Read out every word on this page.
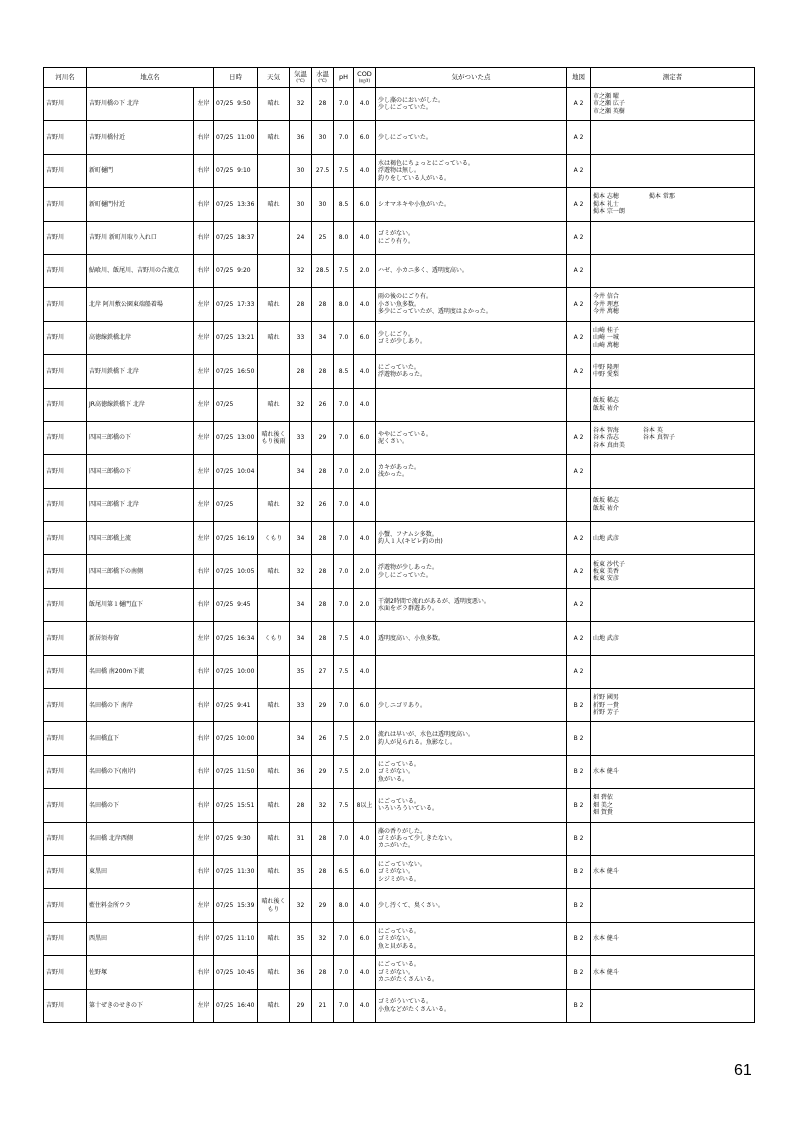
河川名	地点名		日時	天気	気温
(℃)	水温
(℃)	pH	COD
(㎎/ℓ)	気がついた点	地図	測定者
吉野川	吉野川橋の下 北岸	左岸	07/25 9:50	晴れ	32	28	7.0	4.0	少し藻のにおいがした。
少しにごっていた。	A 2	市之瀬 曜
市之瀬 広子
市之瀬 英樹

吉野川	吉野川橋付近	右岸	07/25 11:00	晴れ	36	30	7.0	6.0	少しにごっていた。	A 2	
吉野川	新町樋門	右岸	07/25 9:10		30	27.5	7.5	4.0	水は褐色にちょっとにごっている。
浮遊物は無し。
釣りをしている人がいる。	A 2	
吉野川	新町樋門付近	右岸	07/25 13:36	晴れ	30	30	8.5	6.0	シオマネキや小魚がいた。	A 2	掲本 志穂　　　　　掲本 常那
掲本 礼士
掲本 宗一朗

吉野川	吉野川 新町川取り入れ口	右岸	07/25 18:37		24	25	8.0	4.0	ゴミがない。
にごり有り。	A 2	
吉野川	鮎喰川、飯尾川、吉野川の合流点	右岸	07/25 9:20		32	28.5	7.5	2.0	ハゼ、小カニ多く、透明度高い。	A 2	
吉野川	北岸 阿川敷公園東端船着場	左岸	07/25 17:33	晴れ	28	28	8.0	4.0	雨の後のにごり有。
小さい魚多数。
多少にごっていたが、透明度はよかった。	A 2	今井 信合
今井 理恵
今井 萬穂

吉野川	高徳線鉄橋北岸	左岸	07/25 13:21	晴れ	33	34	7.0	6.0	少しにごり。
ゴミが少しあり。	A 2	山崎 桂子
山崎 一城
山崎 萬穂

吉野川	吉野川鉄橋下 北岸	左岸	07/25 16:50		28	28	8.5	4.0	にごっていた。
浮遊物があった。	A 2	中野 隆理
中野 愛梨

吉野川	JR高徳線鉄橋下 北岸	左岸	07/25	晴れ	32	26	7.0	4.0			飯坂 稀志
飯坂 祐介

吉野川	四国三郎橋の下	左岸	07/25 13:00	晴れ後くもり後雨	33	29	7.0	6.0	ややにごっている。
泥くさい。	A 2	谷本 智海　　　　谷本 英
谷本 浩志　　　　谷本 真智子
谷本 真由美

吉野川	四国三郎橋の下	左岸	07/25 10:04		34	28	7.0	2.0	カキがあった。
浅かった。	A 2	
吉野川	四国三郎橋下 北岸	左岸	07/25	晴れ	32	26	7.0	4.0			飯坂 稀志
飯坂 祐介

吉野川	四国三郎橋上流	左岸	07/25 16:19	くもり	34	28	7.0	4.0	小蟹、フナムシ多数。
釣人１人(キビレ釣の由)	A 2	山地 武彦

吉野川	四国三郎橋下の南側	右岸	07/25 10:05	晴れ	32	28	7.0	2.0	浮遊物が少しあった。
少しにごっていた。	A 2	板東 沙代子
板東 美香
板東 安彦

吉野川	飯尾川第１樋門直下	右岸	07/25 9:45		34	28	7.0	2.0	干潮2時間で流れがあるが、透明度悪い。
水面をボラ群遊あり。	A 2	
吉野川	新居須寿留	左岸	07/25 16:34	くもり	34	28	7.5	4.0	透明度高い、小魚多数。	A 2	山地 武彦

吉野川	名田橋 南200m下流	右岸	07/25 10:00		35	27	7.5	4.0		A 2	
吉野川	名田橋の下 南岸	右岸	07/25 9:41	晴れ	33	29	7.0	6.0	少しニゴリあり。	B 2	折野 國男
折野 一貴
折野 芳子

吉野川	名田橋直下	右岸	07/25 10:00		34	26	7.5	2.0	流れは早いが、水色は透明度高い。
釣人が見られる。魚影なし。	B 2	
吉野川	名田橋の下(南岸)	右岸	07/25 11:50	晴れ	36	29	7.5	2.0	にごっている。
ゴミがない。
魚がいる。	B 2	水本 健斗

吉野川	名田橋の下	右岸	07/25 15:51	晴れ	28	32	7.5	8以上	にごっている。
いろいろういている。	B 2	畑 碧依
畑 美之
畑 賀貴

吉野川	名田橋 北岸西側	左岸	07/25 9:30	晴れ	31	28	7.0	4.0	藻の香りがした。
ゴミがあって少しきたない。
カニがいた。	B 2	
吉野川	東黒田	右岸	07/25 11:30	晴れ	35	28	6.5	6.0	にごっていない。
ゴミがない。
シジミがいる。	B 2	水本 健斗

吉野川	藍住料金所ウラ	左岸	07/25 15:39	晴れ後くもり	32	29	8.0	4.0	少し汚くて、臭くさい。	B 2	
吉野川	西黒田	右岸	07/25 11:10	晴れ	35	32	7.0	6.0	にごっている。
ゴミがない。
魚と貝がある。	B 2	水本 健斗

吉野川	佐野塚	右岸	07/25 10:45	晴れ	36	28	7.0	4.0	にごっている。
ゴミがない。
カニがたくさんいる。	B 2	水本 健斗

吉野川	第十ぜきのせきの下	左岸	07/25 16:40	晴れ	29	21	7.0	4.0	ゴミがういている。
小魚などがたくさんいる。	B 2	
61
